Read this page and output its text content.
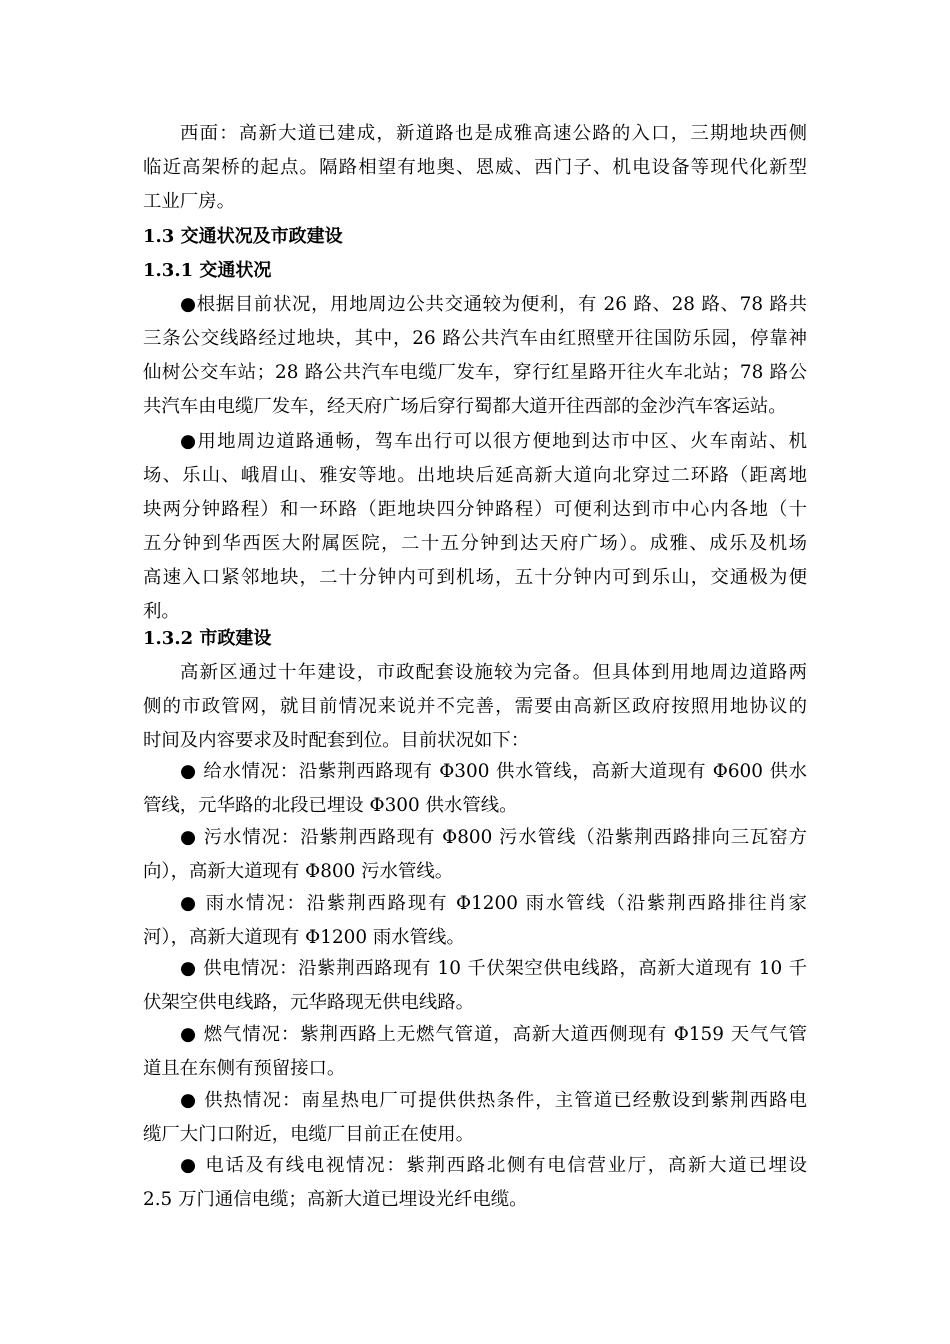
西面：高新大道已建成，新道路也是成雅高速公路的入口，三期地块西侧
临近高架桥的起点。隔路相望有地奥、恩威、西门子、机电设备等现代化新型
工业厂房。
1.3 交通状况及市政建设
1.3.1 交通状况
●根据目前状况，用地周边公共交通较为便利，有 26 路、28 路、78 路共
三条公交线路经过地块，其中，26 路公共汽车由红照壁开往国防乐园，停靠神
仙树公交车站；28 路公共汽车电缆厂发车，穿行红星路开往火车北站；78 路公
共汽车由电缆厂发车，经天府广场后穿行蜀都大道开往西部的金沙汽车客运站。
●用地周边道路通畅，驾车出行可以很方便地到达市中区、火车南站、机
场、乐山、峨眉山、雅安等地。出地块后延高新大道向北穿过二环路（距离地
块两分钟路程）和一环路（距地块四分钟路程）可便利达到市中心内各地（十
五分钟到华西医大附属医院，二十五分钟到达天府广场）。成雅、成乐及机场
高速入口紧邻地块，二十分钟内可到机场，五十分钟内可到乐山，交通极为便
利。
1.3.2 市政建设
高新区通过十年建设，市政配套设施较为完备。但具体到用地周边道路两
侧的市政管网，就目前情况来说并不完善，需要由高新区政府按照用地协议的
时间及内容要求及时配套到位。目前状况如下：
● 给水情况：沿紫荆西路现有 Φ300 供水管线，高新大道现有 Φ600 供水
管线，元华路的北段已埋设 Φ300 供水管线。
● 污水情况：沿紫荆西路现有 Φ800 污水管线（沿紫荆西路排向三瓦窑方
向），高新大道现有 Φ800 污水管线。
● 雨水情况：沿紫荆西路现有 Φ1200 雨水管线（沿紫荆西路排往肖家
河），高新大道现有 Φ1200 雨水管线。
● 供电情况：沿紫荆西路现有 10 千伏架空供电线路，高新大道现有 10 千
伏架空供电线路，元华路现无供电线路。
● 燃气情况：紫荆西路上无燃气管道，高新大道西侧现有 Φ159 天气气管
道且在东侧有预留接口。
● 供热情况：南星热电厂可提供供热条件，主管道已经敷设到紫荆西路电
缆厂大门口附近，电缆厂目前正在使用。
● 电话及有线电视情况：紫荆西路北侧有电信营业厅，高新大道已埋设
2.5 万门通信电缆；高新大道已埋设光纤电缆。
